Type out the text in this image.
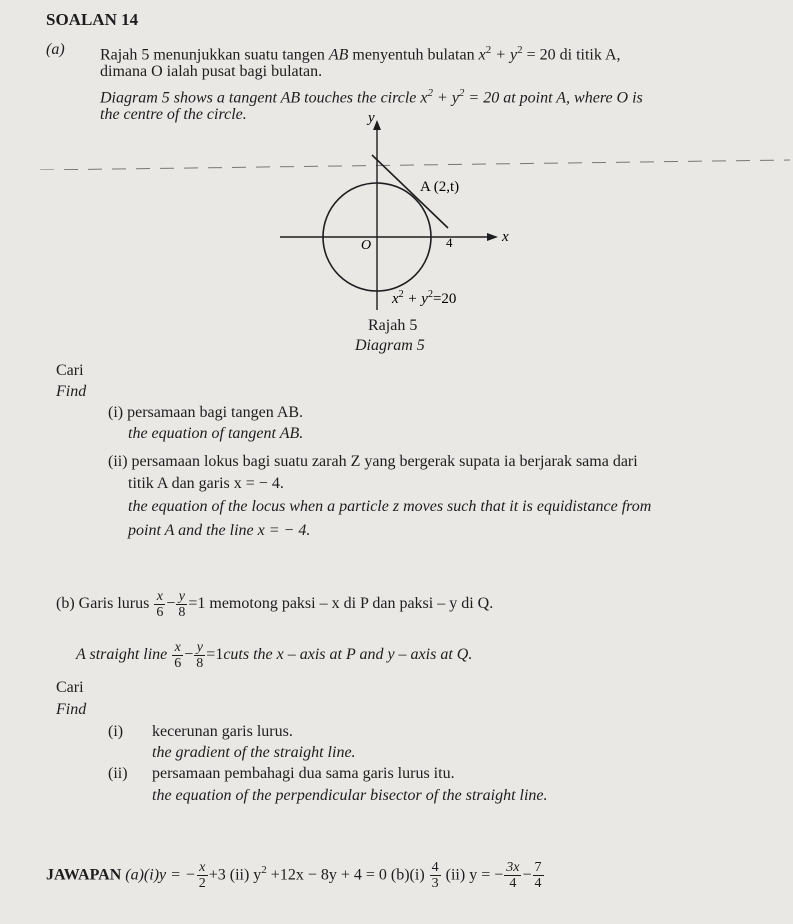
SOALAN 14
(a) Rajah 5 menunjukkan suatu tangen AB menyentuh bulatan $x^2 + y^2 = 20$ di titik A,
dimana O ialah pusat bagi bulatan.
Diagram 5 shows a tangent AB touches the circle $x^2 + y^2 = 20$ at point A, where O is
the centre of the circle.	y
x
A (2,t)
O	4
$x^2 + y^2=20$
Rajah 5
Diagram 5
Cari
Find
(i) persamaan bagi tangen AB.
the equation of tangent AB.
(ii) persamaan lokus bagi suatu zarah Z yang bergerak supata ia berjarak sama dari
titik A dan garis x = − 4.
the equation of the locus when a particle z moves such that it is equidistance from
point A and the line x = − 4.
(b) Garis lurus $\frac{x}{6} - \frac{y}{8} =1$ memotong paksi – x di P dan paksi – y di Q.
A straight line $\frac{x}{6} - \frac{y}{8}$ =1cuts the x – axis at P and y – axis at Q.
Cari
Find
(i) kecerunan garis lurus.
the gradient of the straight line.
(ii) persamaan pembahagi dua sama garis lurus itu.
the equation of the perpendicular bisector of the straight line.
JAWAPAN (a)(i)y = − $\frac{x}{2} +3$ (ii) $y^2 +12x - 8y + 4 = 0$ $(b)(i) \frac{4}{3} (ii) y$ = − $\frac{3x}{4} - \frac{7}{4}$
